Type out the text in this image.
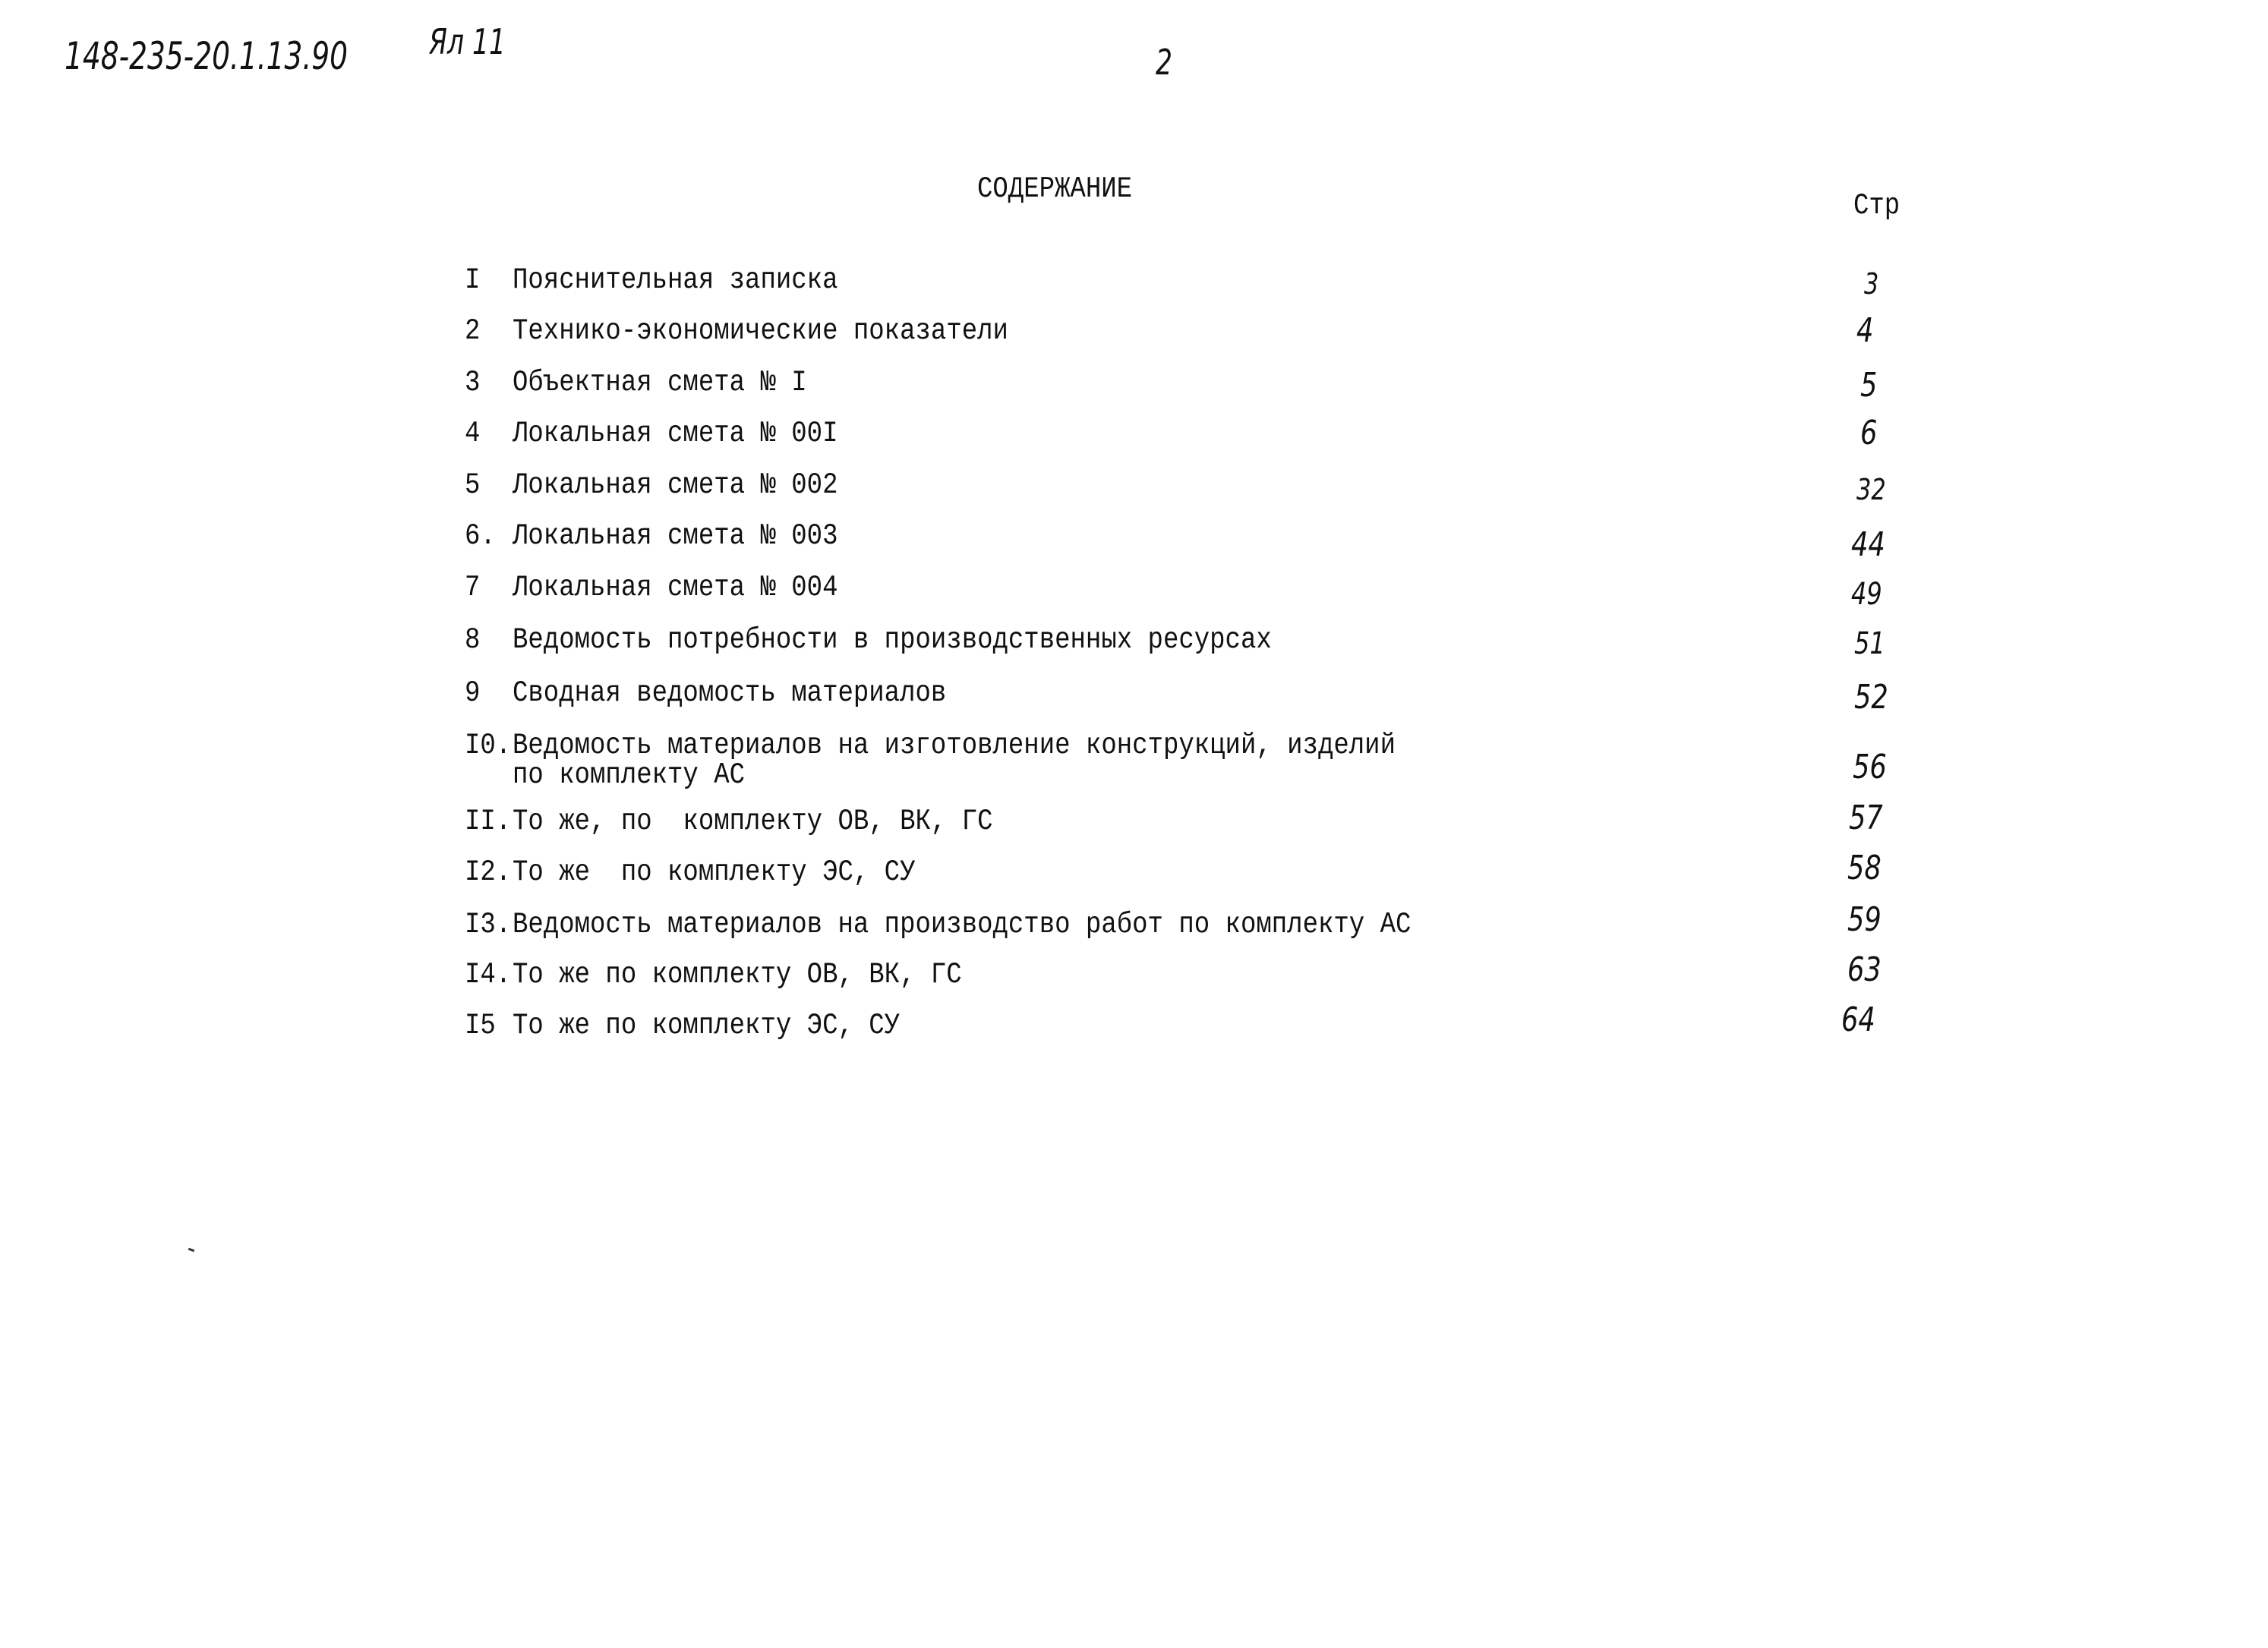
148-235-20.1.13.90 Ял 11	2
СОДЕРЖАНИЕ
Стр
I Пояснительная записка
2 Технико-экономические показатели
3 Объектная смета № I
4 Локальная смета № 00I
5 Локальная смета № 002
6. Локальная смета № 003
7 Локальная смета № 004
8 Ведомость потребности в производственных ресурсах
9 Сводная ведомость материалов
I0. Ведомость материалов на изготовление конструкций, изделий
по комплекту АС
II. То же, по  комплекту ОВ, ВК, ГС
I2. То же  по комплекту ЭС, СУ
I3. Ведомость материалов на производство работ по комплекту АС
I4. То же по комплекту ОВ, ВК, ГС
I5 То же по комплекту ЭС, СУ
3
4
5
6
32
44
49
51
52
56
57
58
59
63
64
